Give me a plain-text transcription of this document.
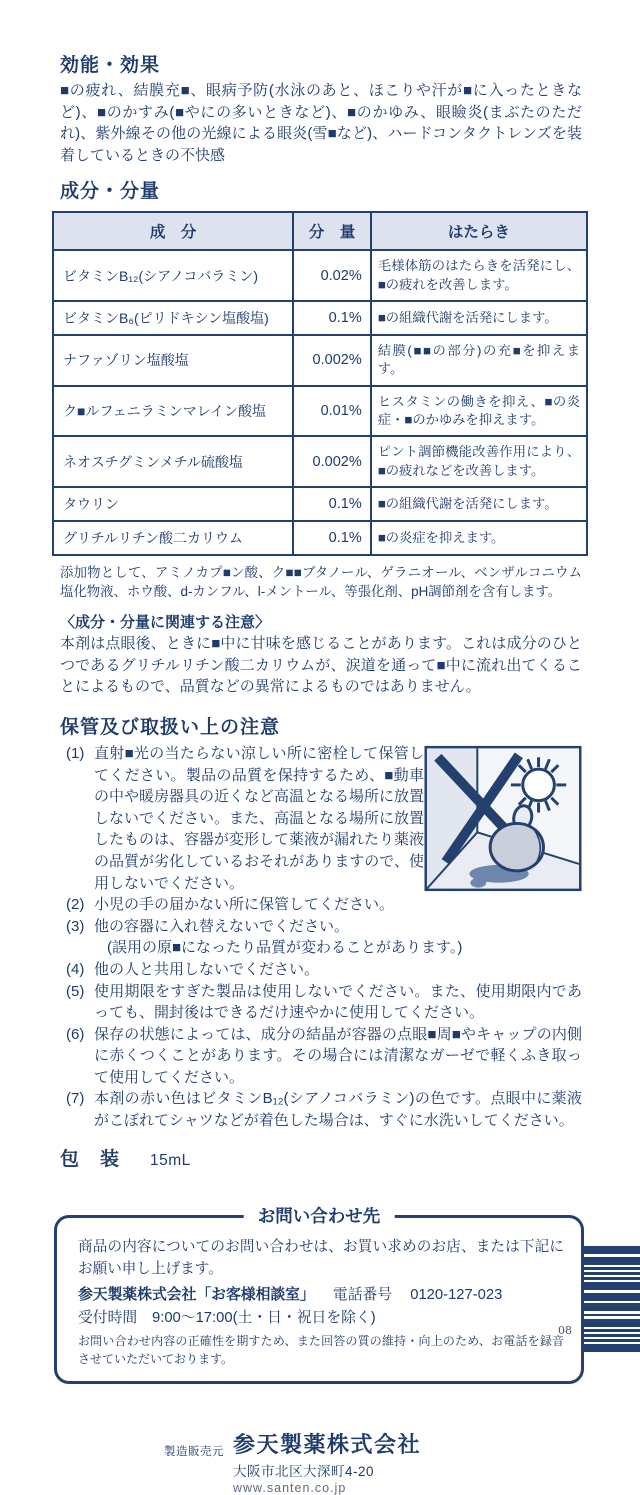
効能・効果

■の疲れ、結膜充■、眼病予防(水泳のあと、ほこりや汗が■に入ったときなど)、■のかすみ(■やにの多いときなど)、■のかゆみ、眼瞼炎(まぶたのただれ)、紫外線その他の光線による眼炎(雪■など)、ハードコンタクトレンズを装着しているときの不快感

成分・分量
成　分	分　量	はたらき
ビタミンB₁₂(シアノコバラミン)	0.02%	毛様体筋のはたらきを活発にし、■の疲れを改善します。
ビタミンB₆(ピリドキシン塩酸塩)	0.1%	■の組織代謝を活発にします。
ナファゾリン塩酸塩	0.002%	結膜(■■の部分)の充■を抑えます。
ク■ルフェニラミンマレイン酸塩	0.01%	ヒスタミンの働きを抑え、■の炎症・■のかゆみを抑えます。
ネオスチグミンメチル硫酸塩	0.002%	ピント調節機能改善作用により、■の疲れなどを改善します。
タウリン	0.1%	■の組織代謝を活発にします。
グリチルリチン酸二カリウム	0.1%	■の炎症を抑えます。

添加物として、アミノカプ■ン酸、ク■■ブタノール、ゲラニオール、ベンザルコニウム塩化物液、ホウ酸、d-カンフル、l-メントール、等張化剤、pH調節剤を含有します。

〈成分・分量に関連する注意〉

本剤は点眼後、ときに■中に甘味を感じることがあります。これは成分のひとつであるグリチルリチン酸二カリウムが、涙道を通って■中に流れ出てくることによるもので、品質などの異常によるものではありません。

保管及び取扱い上の注意
(1) 直射■光の当たらない涼しい所に密栓して保管してください。製品の品質を保持するため、■動車の中や暖房器具の近くなど高温となる場所に放置しないでください。また、高温となる場所に放置したものは、容器が変形して薬液が漏れたり薬液の品質が劣化しているおそれがありますので、使用しないでください。
(2) 小児の手の届かない所に保管してください。
(3) 他の容器に入れ替えないでください。
(誤用の原■になったり品質が変わることがあります。)
(4) 他の人と共用しないでください。
(5) 使用期限をすぎた製品は使用しないでください。また、使用期限内であっても、開封後はできるだけ速やかに使用してください。
(6) 保存の状態によっては、成分の結晶が容器の点眼■周■やキャップの内側に赤くつくことがあります。その場合には清潔なガーゼで軽くふき取って使用してください。
(7) 本剤の赤い色はビタミンB₁₂(シアノコバラミン)の色です。点眼中に薬液がこぼれてシャツなどが着色した場合は、すぐに水洗いしてください。
包　装 15mL
お問い合わせ先

商品の内容についてのお問い合わせは、お買い求めのお店、または下記にお願い申し上げます。

参天製薬株式会社「お客様相談室」 電話番号 0120-127-023

受付時間　9:00〜17:00(土・日・祝日を除く)

お問い合わせ内容の正確性を期すため、また回答の質の維持・向上のため、お電話を録音させていただいております。

製造販売元 参天製薬株式会社
大阪市北区大深町4-20
www.santen.co.jp
08
